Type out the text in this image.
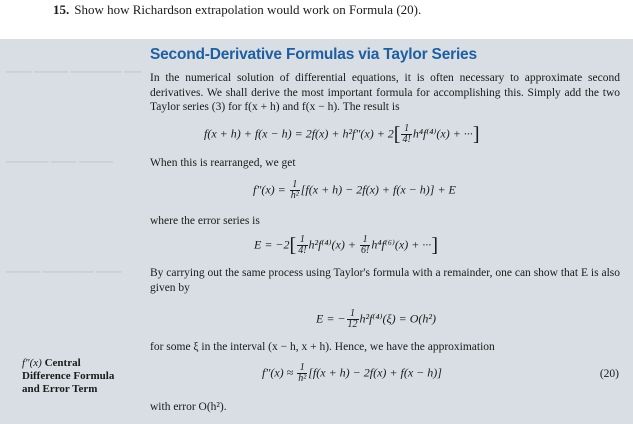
15. Show how Richardson extrapolation would work on Formula (20).
▁▁▁ ▁▁▁▁ ▁▁▁▁▁▁ ▁▁
▁▁▁▁▁ ▁▁▁ ▁▁▁▁
▁▁▁▁ ▁▁▁▁▁▁ ▁▁▁
Second-Derivative Formulas via Taylor Series
In the numerical solution of differential equations, it is often necessary to approximate second derivatives. We shall derive the most important formula for accomplishing this. Simply add the two Taylor series (3) for f(x + h) and f(x − h). The result is
$f(x + h) + f(x - h) = 2f(x) + h^2f''(x) + 2[ \frac{1}{4!} h^4f^{(4)}(x)$ + ···]
When this is rearranged, we get
$f''(x) = \frac{1}{\text{h²}} [f(x + h) - 2f(x) + f(x - h)] + E$
where the error series is
$E = -2[ \frac{1}{4!} h^2f^{(4)}(x) + \frac{1}{6!} h^4f^{(6)}(x)$ + ···]
By carrying out the same process using Taylor's formula with a remainder, one can show that E is also given by
E = − $\frac{1}{12} h^2f^{(4)}(\xi) = O(h^2)$
for some ξ in the interval (x − h, x + h). Hence, we have the approximation
$f''(x) \approx \frac{1}{\text{h²}} [f(x + h) - 2f(x) + f(x - h)]$	(20)
with error O(h²).
f″(x) Central
Difference Formula
and Error Term
